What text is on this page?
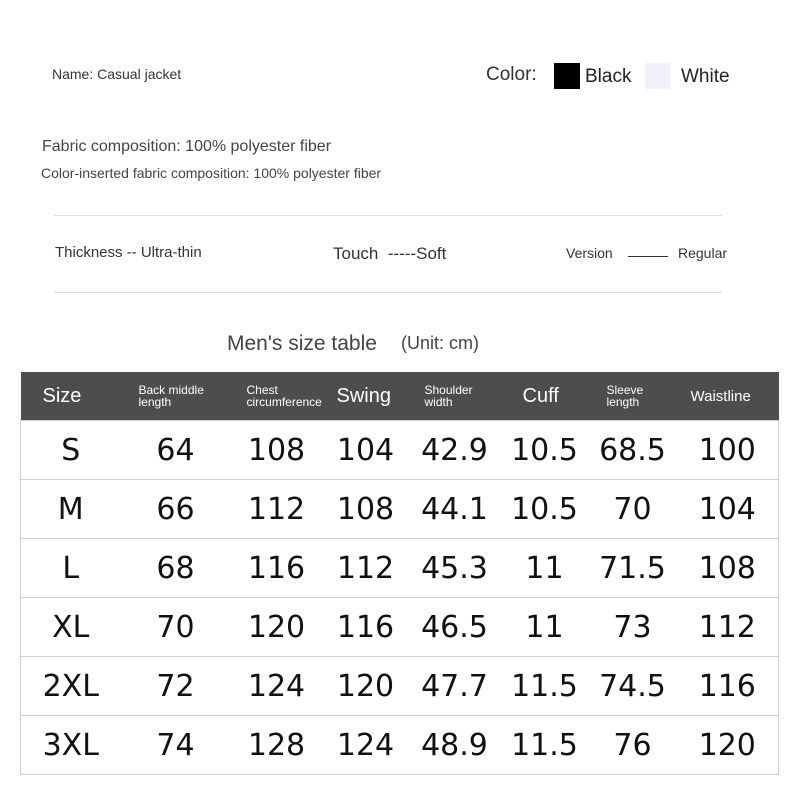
Name: Casual jacket	Color:	Black	White
Fabric composition: 100% polyester fiber
Color-inserted fabric composition: 100% polyester fiber
Thickness -- Ultra-thin	Touch  -----Soft	Version	Regular
Men's size table (Unit: cm)
Size	Back middle length	Chest circumference	Swing	Shoulder width	Cuff	Sleeve length	Waistline
S	64	108	104	42.9	10.5	68.5	100
M	66	112	108	44.1	10.5	70	104
L	68	116	112	45.3	11	71.5	108
XL	70	120	116	46.5	11	73	112
2XL	72	124	120	47.7	11.5	74.5	116
3XL	74	128	124	48.9	11.5	76	120
